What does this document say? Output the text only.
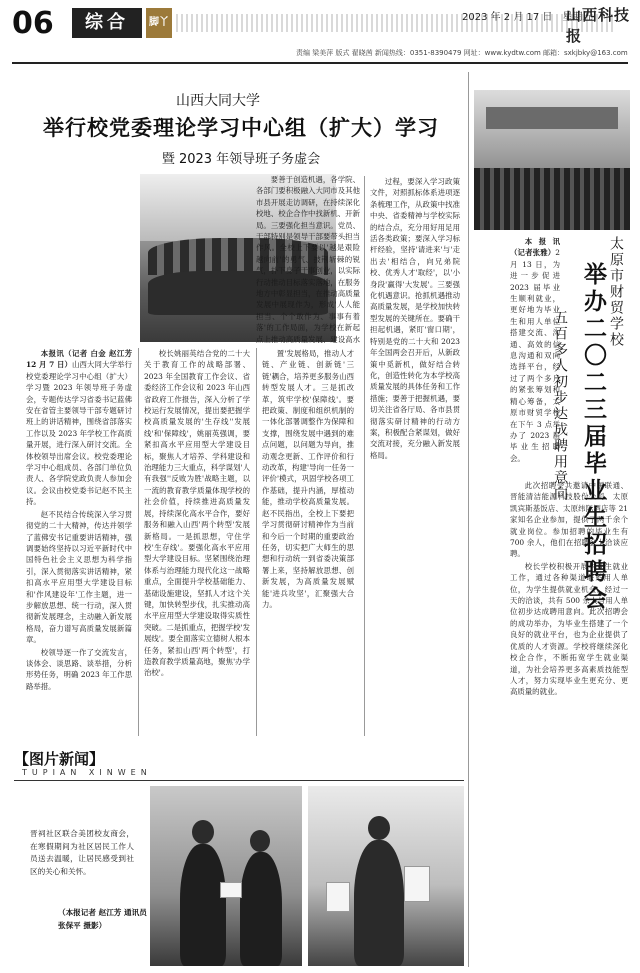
06	综合	脚丫	2023 年 2 月 17 日　星期五
山西科技报
责编 梁美萍 版式 翟晓茜 新闻热线：0351-8390479 网址：www.kydtw.com 邮箱：sxkjbky@163.com
山西大同大学
举行校党委理论学习中心组（扩大）学习
暨 2023 年领导班子务虚会

要善于创造机遇，各学院、各部门要积极融入大同市及其他市县开展走访调研，在持续深化校地、校企合作中找新机、开新局。三要强化担当意识。党员、干部特别是领导干部要带头担当作风。全校上下要以'越是艰险越向前'的勇气、披荆斩棘的锐气，扑下身子干事创业，以实际行动推动目标落实落地，在服务地方中彰显担当，在推动高质量发展中展现作为，形成'人人能担当、个个敢作为、事事有着落'的工作局面，为学校在新起点上推动高质量发展、建设高水

本报讯（记者 白金 赵江芳 12 月 7 日）山西大同大学举行校党委理论学习中心组（扩大）学习暨 2023 年领导班子务虚会，专题传达学习省委书记蓝佛安在省管主要领导干部专题研讨班上的讲话精神，围绕省部落实工作以及 2023 年学校工作高质量开展，进行深入研讨交流。全体校领导出席会议。校党委理论学习中心组成员、各部门单位负责人、各学院党政负责人参加会议。会议由校党委书记赵不民主持。

赵不民结合传统深入学习贯彻党的二十大精神，传达并领学了蓝佛安书记重要讲话精神，强调要始终坚持以习近平新时代中国特色社会主义思想为科学指引，深入贯彻落实讲话精神，紧扣高水平应用型大学建设目标和'作风建设年'工作主题，进一步解放思想、统一行动，深入贯彻新发展理念，主动融入新发展格局，奋力谱写高质量发展新篇章。

校领导逐一作了交流发言，谈体会、谈思路、谈举措，分析形势任务，明确 2023 年工作思路举措。

校长姚丽英结合党的二十大关于教育工作的战略部署、2023 年全国教育工作会议、省委经济工作会议和 2023 年山西省政府工作报告，深入分析了学校运行发展情况，提出要把握学校高质量发展的'生存线''发展线'和'保障线'，姚丽英强调，要紧扣高水平应用型大学建设目标，聚焦人才培养、学科建设和治理能力三大重点，科学谋划'人有我强''反败为胜'战略主题，以一流的教育教学质量体现学校的社会价值，持续推进高质量发展，持续深化高水平合作，要好服务和融入山西'两个转型'发展新格局。一是抓思想，守住学校'生存线'。要强化高水平应用型大学建设目标。坚紧围绕治理体系与治理能力现代化这一战略重点，全面提升学校基础能力、基础设施建设，坚抓人才这个关键，加快转型步伐，扎实推动高水平应用型大学建设取得实质性突破。二是抓重点，把握学校'发展线'。要全面落实立德树人根本任务，紧扣山西'两个转型'，打造教育教学质量高地，聚焦'办学治校'。

置'发展格局，推动人才链、产业链、创新链'三链'耦合，培养更多服务山西转型发展人才。三是抓改革，筑牢学校'保障线'。要把政策、制度和组织机制的一体化部署调整作为保障和支撑，围绕发展中遇到的难点问题，以问题为导向，推动观念更新、工作评价和行动改革，构建'导向一任务一评价'模式，巩固学校各项工作基础，提升内涵，厚植动能，推动学校高质量发展。赵不民指出，全校上下要把学习贯彻研讨精神作为当前和今后一个时期的重要政治任务，切实把广大师生的思想和行动统一到省委决策部署上来，坚持解放思想、创新发展，为高质量发展赋能'进兵攻坚'，汇聚强大合力。

过程，要深入学习政策文件，对照抓标体系进项逐条梳理工作，从政策中找准中央、省委精神与学校实际的结合点，充分用好用足用活各类政策；要深入学习标杆经验，坚持'请进来'与'走出去'相结合，向兄弟院校、优秀人才'取经'，以'小身段'赢得'大发展'。三要强化机遇意识。抢抓机遇推动高质量发展，是学校加快转型发展的关键所在。要确干担起机遇，紧盯'窗口期'，特别是党的二十大和 2023 年全国两会召开后，从新政策中觅新机，做好结合转化，创造性转化为本学校高质量发展的具体任务和工作措施；要善于把握机遇，要切关注省各厅局、各市县贯彻落实研讨精神的行动方案，积极配合紧谋划，做好交流对接，充分融入新发展格局。

【图片新闻】
TUPIAN XINWEN
晋祠社区联合美团校友商会，在寒假期间为社区居民工作人员送去温暖，让居民感受到社区的关心和关怀。
（本报记者 赵江芳 通讯员 张保平 摄影）
太原市财贸学校
举办二〇二三届毕业生招聘会
五百多人初步达成聘用意向

本报讯（记者张雅）2 月 13 日，为进一步促进 2023 届毕业生顺利就业，更好地为毕业生和用人单位搭建交流、沟通、高效的信息沟通和双向选择平台，经过了两个多月的紧张筹划和精心筹备，太原市财贸学校在下午 3 点举办了 2023 届毕业生招聘会。

此次招聘会共邀请中国联通、晋能清洁能源科技股份公司、太原凯宾斯基饭店、太原纬际酒店等 21 家知名企业参加，提供了两千余个就业岗位。参加招聘的毕业生有 700 余人，他们在招聘会上洽谈应聘。

校长学校积极开展毕业生就业工作，通过各种渠道联系用人单位，为学生提供就业机会。经过一天的洽谈，共有 500 余人与用人单位初步达成聘用意向。此次招聘会的成功举办，为毕业生搭建了一个良好的就业平台，也为企业提供了优质的人才资源。学校将继续深化校企合作，不断拓宽学生就业渠道，为社会培养更多高素质技能型人才，努力实现毕业生更充分、更高质量的就业。
